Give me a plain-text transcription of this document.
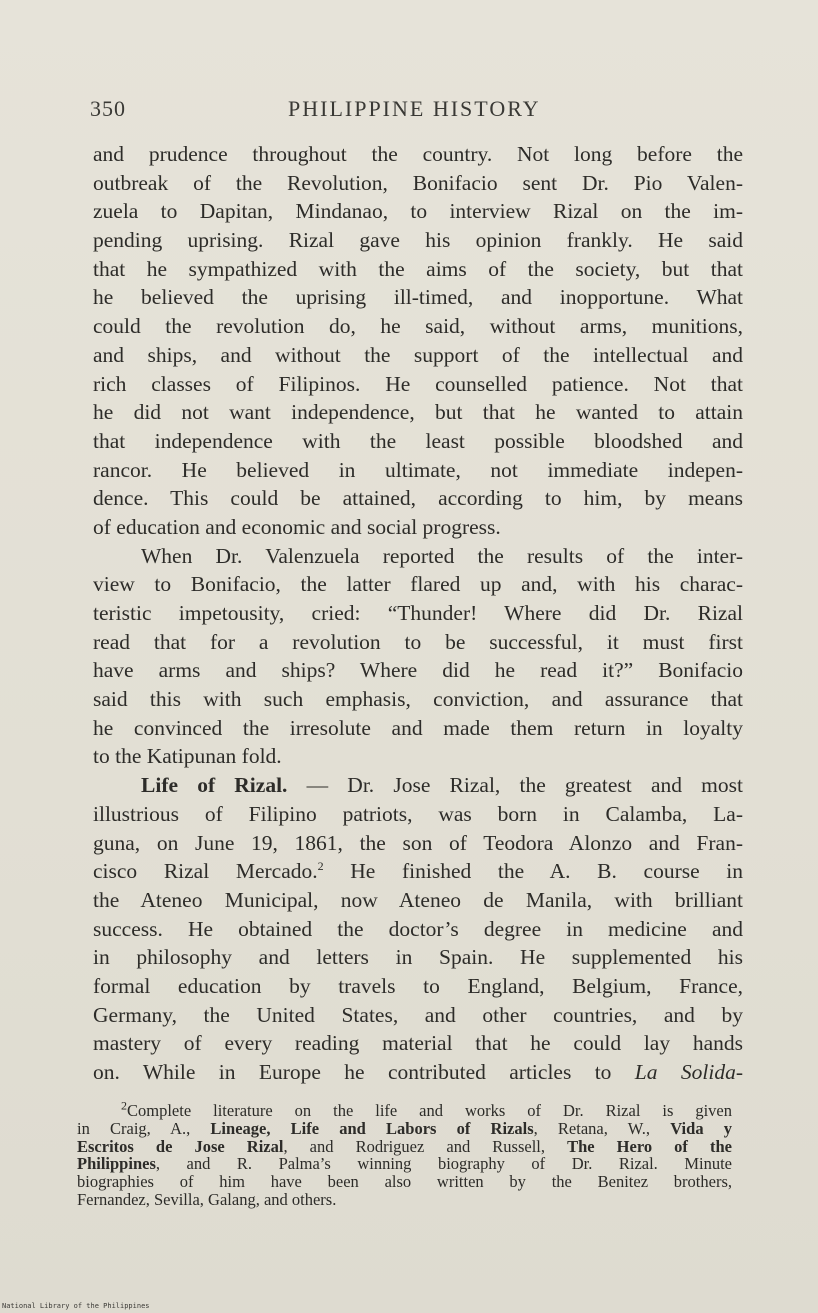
350	PHILIPPINE HISTORY
and prudence throughout the country. Not long before the
outbreak of the Revolution, Bonifacio sent Dr. Pio Valen-
zuela to Dapitan, Mindanao, to interview Rizal on the im-
pending uprising. Rizal gave his opinion frankly. He said
that he sympathized with the aims of the society, but that
he believed the uprising ill-timed, and inopportune. What
could the revolution do, he said, without arms, munitions,
and ships, and without the support of the intellectual and
rich classes of Filipinos. He counselled patience. Not that
he did not want independence, but that he wanted to attain
that independence with the least possible bloodshed and
rancor. He believed in ultimate, not immediate indepen-
dence. This could be attained, according to him, by means
of education and economic and social progress.
When Dr. Valenzuela reported the results of the inter-
view to Bonifacio, the latter flared up and, with his charac-
teristic impetousity, cried: “Thunder! Where did Dr. Rizal
read that for a revolution to be successful, it must first
have arms and ships? Where did he read it?” Bonifacio
said this with such emphasis, conviction, and assurance that
he convinced the irresolute and made them return in loyalty
to the Katipunan fold.
Life of Rizal. — Dr. Jose Rizal, the greatest and most
illustrious of Filipino patriots, was born in Calamba, La-
guna, on June 19, 1861, the son of Teodora Alonzo and Fran-
cisco Rizal Mercado.$^2$ He finished the A. B. course in
the Ateneo Municipal, now Ateneo de Manila, with brilliant
success. He obtained the doctor’s degree in medicine and
in philosophy and letters in Spain. He supplemented his
formal education by travels to England, Belgium, France,
Germany, the United States, and other countries, and by
mastery of every reading material that he could lay hands
on. While in Europe he contributed articles to La Solida-
$^2$Complete literature on the life and works of Dr. Rizal is given
in Craig, A., Lineage, Life and Labors of Rizals, Retana, W., Vida y
Escritos de Jose Rizal, and Rodriguez and Russell, The Hero of the
Philippines, and R. Palma’s winning biography of Dr. Rizal. Minute
biographies of him have been also written by the Benitez brothers,
Fernandez, Sevilla, Galang, and others.
National Library of the Philippines
